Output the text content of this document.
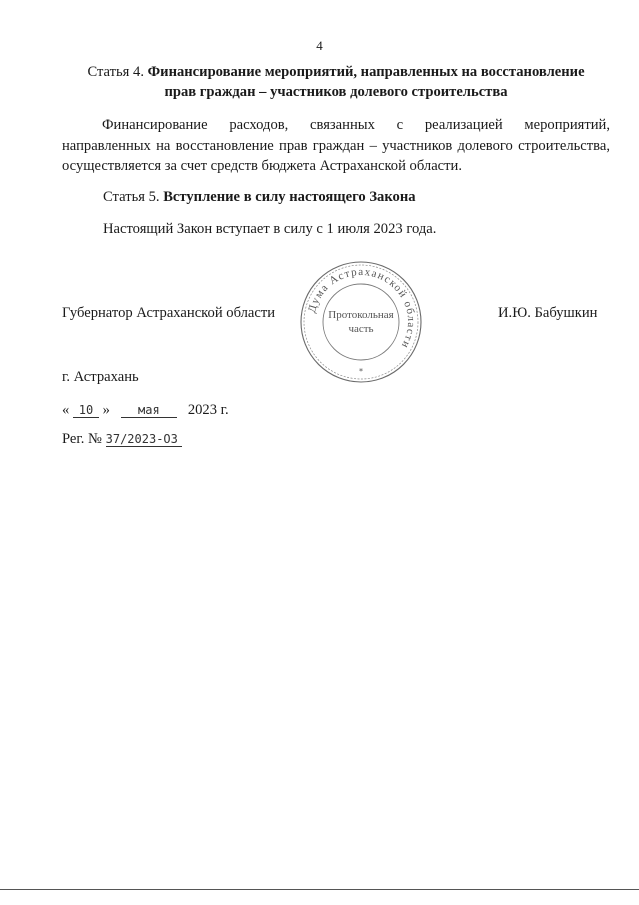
4
Статья 4. Финансирование мероприятий, направленных на восстановление
прав граждан – участников долевого строительства
Финансирование расходов, связанных с реализацией мероприятий, направленных на восстановление прав граждан – участников долевого строительства, осуществляется за счет средств бюджета Астраханской области.
Статья 5. Вступление в силу настоящего Закона
Настоящий Закон вступает в силу с 1 июля 2023 года.
Губернатор Астраханской области	И.Ю. Бабушкин
Дума Астраханской области
Протокольная
часть
*
г. Астрахань
« 10 » мая 2023 г.
Рег. № 37/2023-ОЗ
